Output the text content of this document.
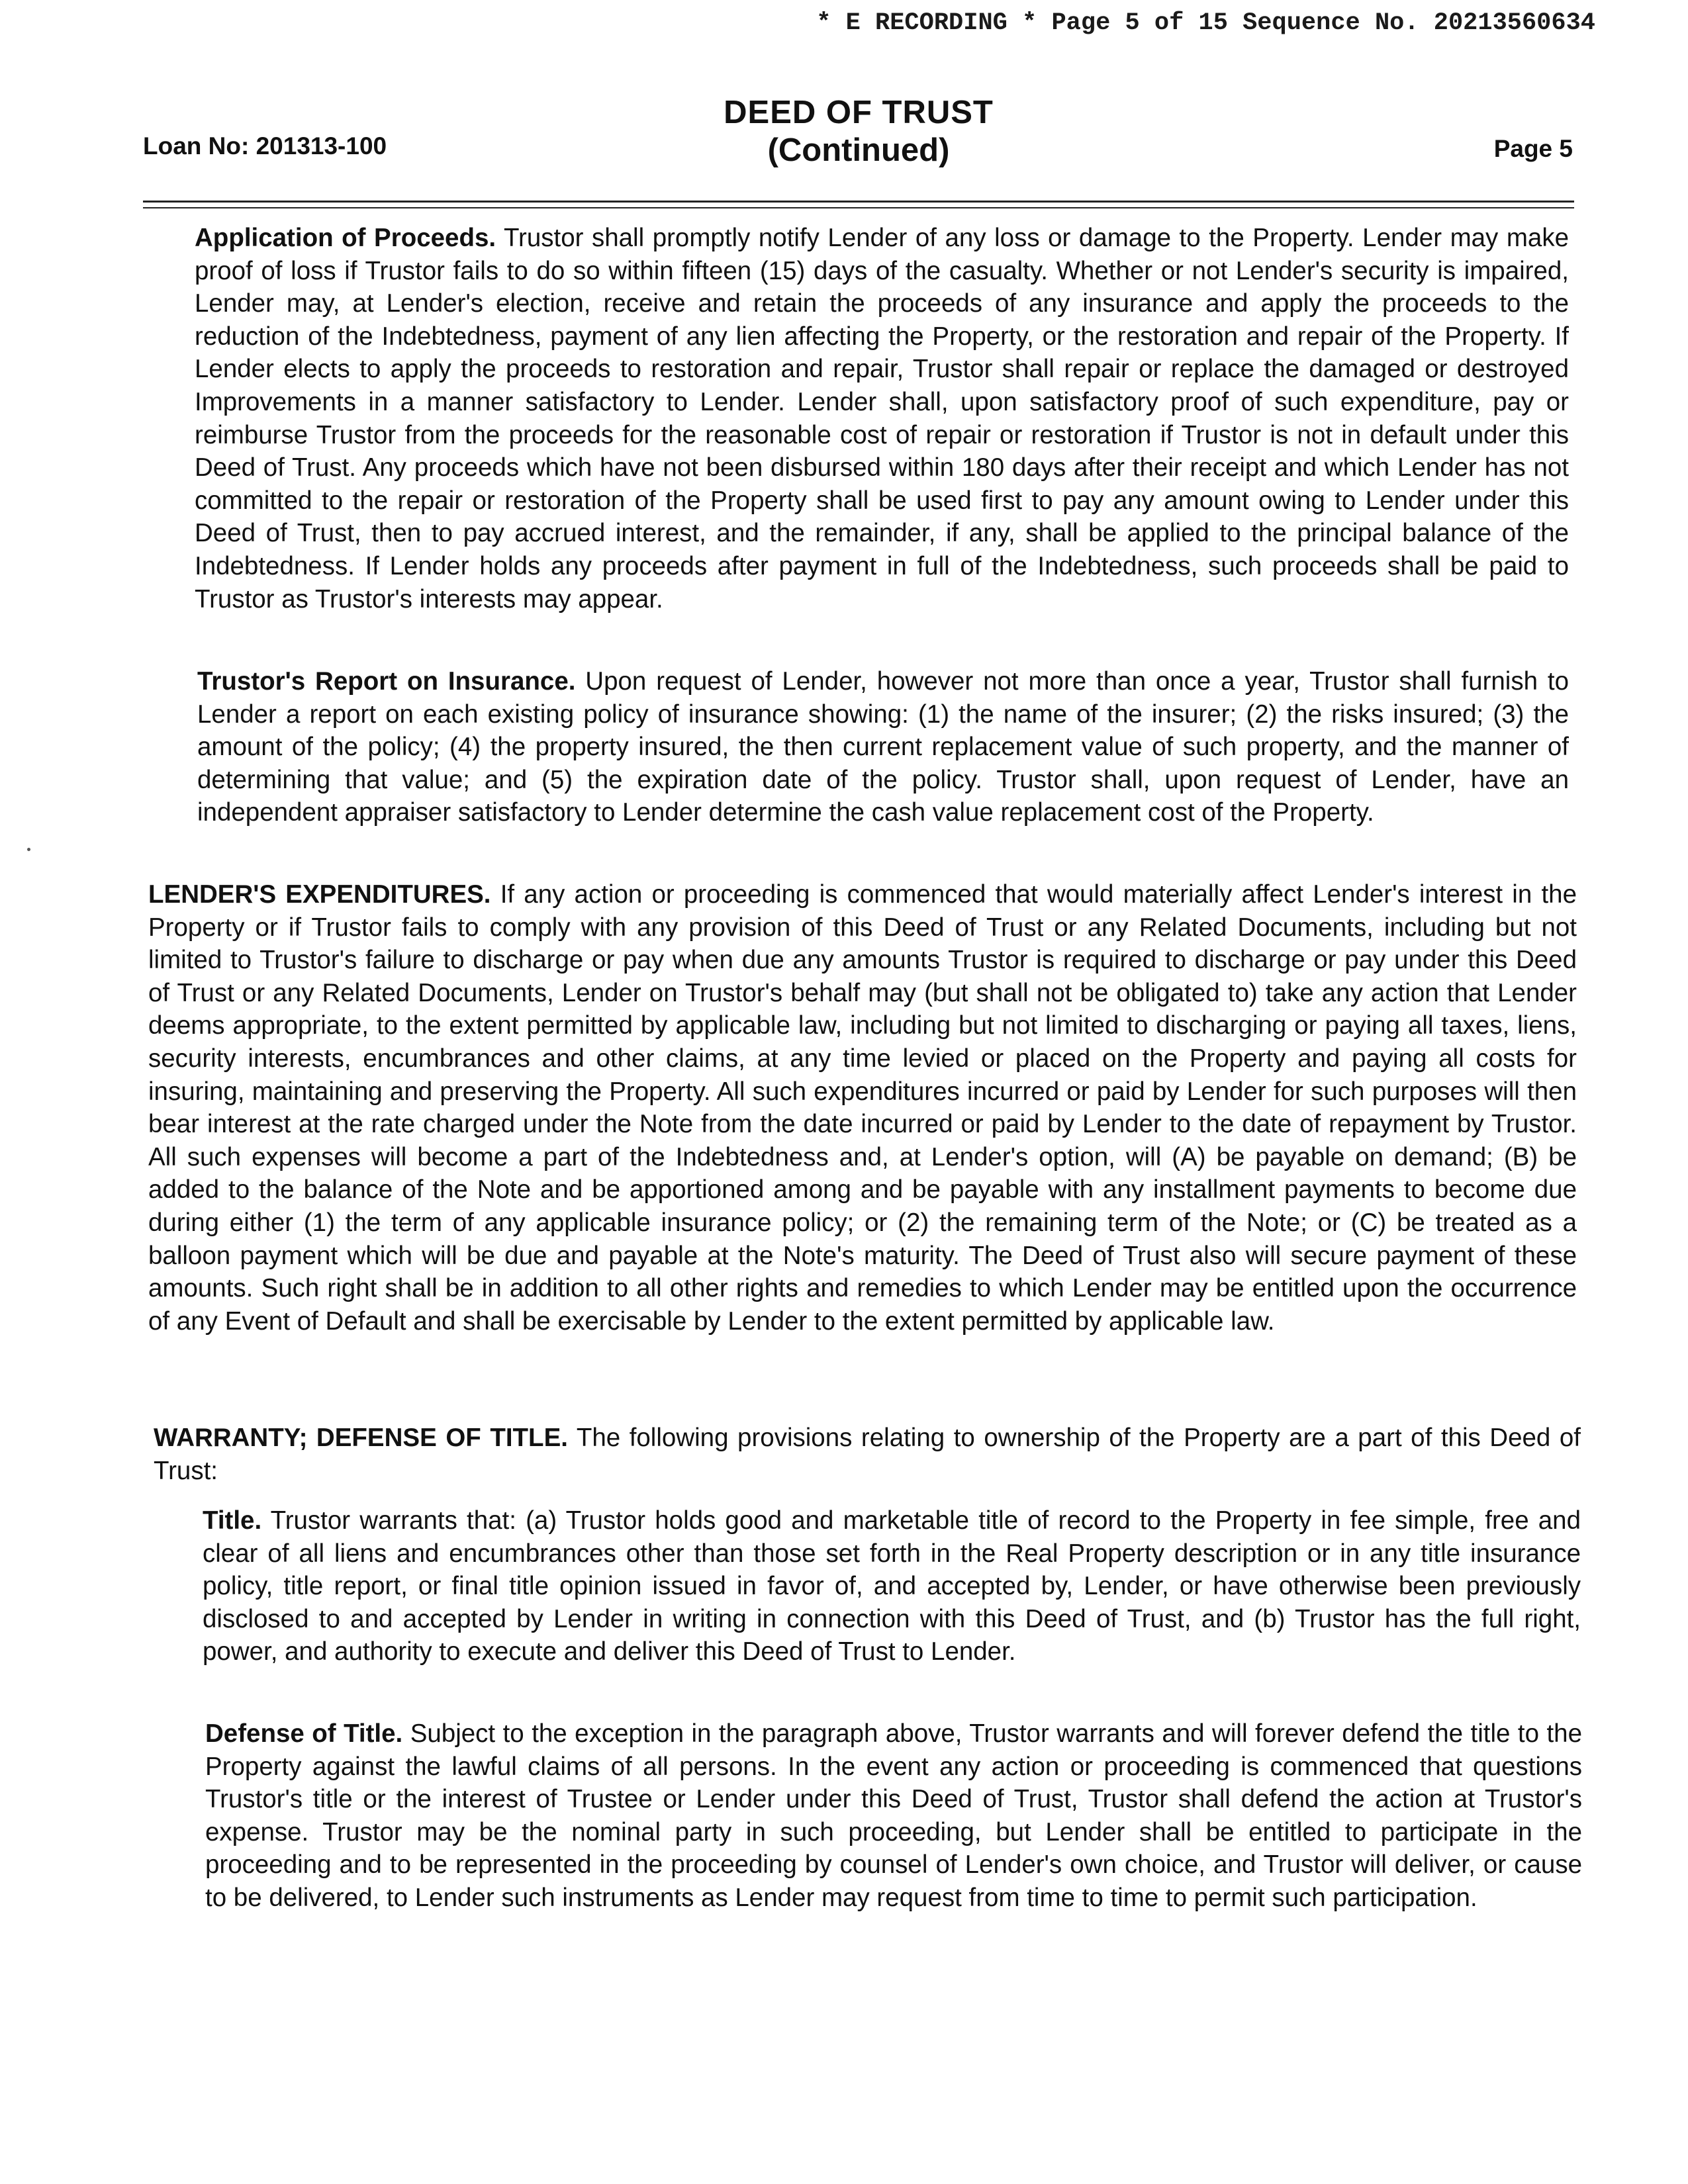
* E RECORDING * Page 5 of 15 Sequence No. 20213560634
Loan No: 201313-100
DEED OF TRUST
(Continued)	Page 5

Application of Proceeds. Trustor shall promptly notify Lender of any loss or damage to the Property. Lender may make proof of loss if Trustor fails to do so within fifteen (15) days of the casualty. Whether or not Lender's security is impaired, Lender may, at Lender's election, receive and retain the proceeds of any insurance and apply the proceeds to the reduction of the Indebtedness, payment of any lien affecting the Property, or the restoration and repair of the Property. If Lender elects to apply the proceeds to restoration and repair, Trustor shall repair or replace the damaged or destroyed Improvements in a manner satisfactory to Lender. Lender shall, upon satisfactory proof of such expenditure, pay or reimburse Trustor from the proceeds for the reasonable cost of repair or restoration if Trustor is not in default under this Deed of Trust. Any proceeds which have not been disbursed within 180 days after their receipt and which Lender has not committed to the repair or restoration of the Property shall be used first to pay any amount owing to Lender under this Deed of Trust, then to pay accrued interest, and the remainder, if any, shall be applied to the principal balance of the Indebtedness. If Lender holds any proceeds after payment in full of the Indebtedness, such proceeds shall be paid to Trustor as Trustor's interests may appear.

Trustor's Report on Insurance. Upon request of Lender, however not more than once a year, Trustor shall furnish to Lender a report on each existing policy of insurance showing: (1) the name of the insurer; (2) the risks insured; (3) the amount of the policy; (4) the property insured, the then current replacement value of such property, and the manner of determining that value; and (5) the expiration date of the policy. Trustor shall, upon request of Lender, have an independent appraiser satisfactory to Lender determine the cash value replacement cost of the Property.

LENDER'S EXPENDITURES. If any action or proceeding is commenced that would materially affect Lender's interest in the Property or if Trustor fails to comply with any provision of this Deed of Trust or any Related Documents, including but not limited to Trustor's failure to discharge or pay when due any amounts Trustor is required to discharge or pay under this Deed of Trust or any Related Documents, Lender on Trustor's behalf may (but shall not be obligated to) take any action that Lender deems appropriate, to the extent permitted by applicable law, including but not limited to discharging or paying all taxes, liens, security interests, encumbrances and other claims, at any time levied or placed on the Property and paying all costs for insuring, maintaining and preserving the Property. All such expenditures incurred or paid by Lender for such purposes will then bear interest at the rate charged under the Note from the date incurred or paid by Lender to the date of repayment by Trustor. All such expenses will become a part of the Indebtedness and, at Lender's option, will (A) be payable on demand; (B) be added to the balance of the Note and be apportioned among and be payable with any installment payments to become due during either (1) the term of any applicable insurance policy; or (2) the remaining term of the Note; or (C) be treated as a balloon payment which will be due and payable at the Note's maturity. The Deed of Trust also will secure payment of these amounts. Such right shall be in addition to all other rights and remedies to which Lender may be entitled upon the occurrence of any Event of Default and shall be exercisable by Lender to the extent permitted by applicable law.

WARRANTY; DEFENSE OF TITLE. The following provisions relating to ownership of the Property are a part of this Deed of Trust:

Title. Trustor warrants that: (a) Trustor holds good and marketable title of record to the Property in fee simple, free and clear of all liens and encumbrances other than those set forth in the Real Property description or in any title insurance policy, title report, or final title opinion issued in favor of, and accepted by, Lender, or have otherwise been previously disclosed to and accepted by Lender in writing in connection with this Deed of Trust, and (b) Trustor has the full right, power, and authority to execute and deliver this Deed of Trust to Lender.

Defense of Title. Subject to the exception in the paragraph above, Trustor warrants and will forever defend the title to the Property against the lawful claims of all persons. In the event any action or proceeding is commenced that questions Trustor's title or the interest of Trustee or Lender under this Deed of Trust, Trustor shall defend the action at Trustor's expense. Trustor may be the nominal party in such proceeding, but Lender shall be entitled to participate in the proceeding and to be represented in the proceeding by counsel of Lender's own choice, and Trustor will deliver, or cause to be delivered, to Lender such instruments as Lender may request from time to time to permit such participation.
